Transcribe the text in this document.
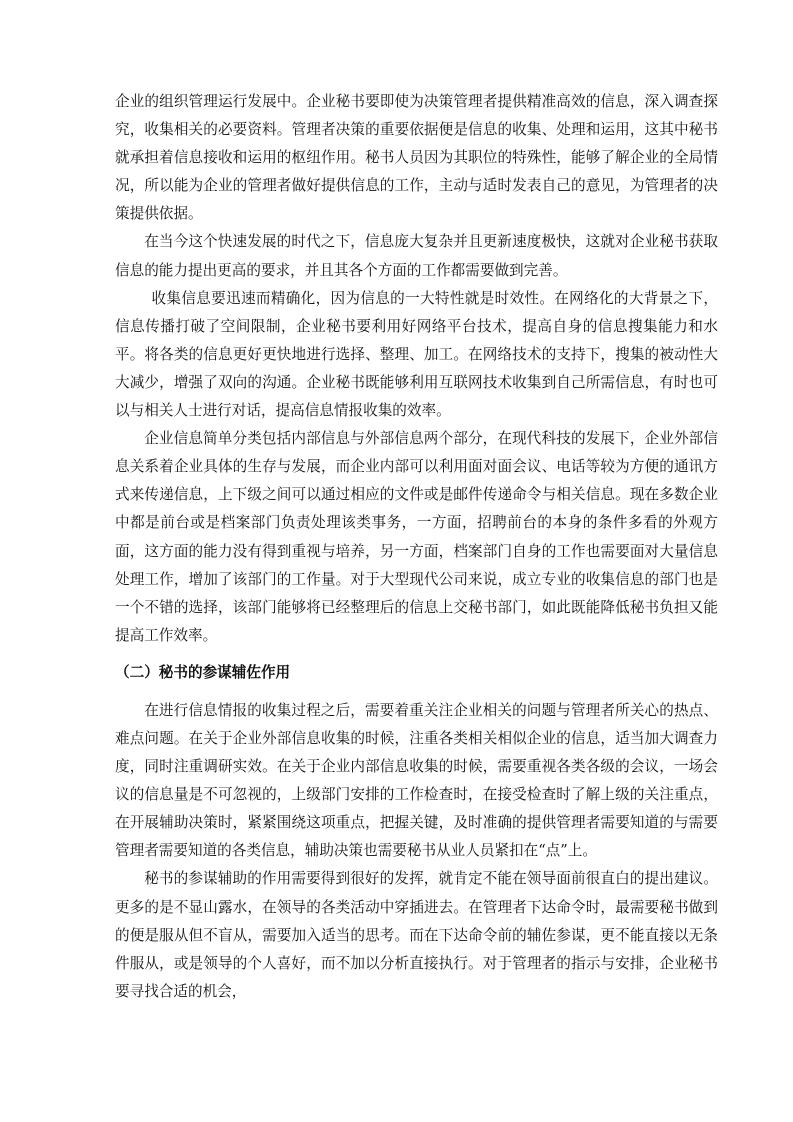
企业的组织管理运行发展中。企业秘书要即使为决策管理者提供精准高效的信息，深入调查探究，收集相关的必要资料。管理者决策的重要依据便是信息的收集、处理和运用，这其中秘书就承担着信息接收和运用的枢纽作用。秘书人员因为其职位的特殊性，能够了解企业的全局情况，所以能为企业的管理者做好提供信息的工作，主动与适时发表自己的意见，为管理者的决策提供依据。

在当今这个快速发展的时代之下，信息庞大复杂并且更新速度极快，这就对企业秘书获取信息的能力提出更高的要求，并且其各个方面的工作都需要做到完善。

收集信息要迅速而精确化，因为信息的一大特性就是时效性。在网络化的大背景之下，信息传播打破了空间限制，企业秘书要利用好网络平台技术，提高自身的信息搜集能力和水平。将各类的信息更好更快地进行选择、整理、加工。在网络技术的支持下，搜集的被动性大大减少，增强了双向的沟通。企业秘书既能够利用互联网技术收集到自己所需信息，有时也可以与相关人士进行对话，提高信息情报收集的效率。

企业信息简单分类包括内部信息与外部信息两个部分，在现代科技的发展下，企业外部信息关系着企业具体的生存与发展，而企业内部可以利用面对面会议、电话等较为方便的通讯方式来传递信息，上下级之间可以通过相应的文件或是邮件传递命令与相关信息。现在多数企业中都是前台或是档案部门负责处理该类事务，一方面，招聘前台的本身的条件多看的外观方面，这方面的能力没有得到重视与培养，另一方面，档案部门自身的工作也需要面对大量信息处理工作，增加了该部门的工作量。对于大型现代公司来说，成立专业的收集信息的部门也是一个不错的选择，该部门能够将已经整理后的信息上交秘书部门，如此既能降低秘书负担又能提高工作效率。

（二）秘书的参谋辅佐作用

在进行信息情报的收集过程之后，需要着重关注企业相关的问题与管理者所关心的热点、难点问题。在关于企业外部信息收集的时候，注重各类相关相似企业的信息，适当加大调查力度，同时注重调研实效。在关于企业内部信息收集的时候，需要重视各类各级的会议，一场会议的信息量是不可忽视的，上级部门安排的工作检查时，在接受检查时了解上级的关注重点，在开展辅助决策时，紧紧围绕这项重点，把握关键，及时准确的提供管理者需要知道的与需要管理者需要知道的各类信息，辅助决策也需要秘书从业人员紧扣在“点”上。

秘书的参谋辅助的作用需要得到很好的发挥，就肯定不能在领导面前很直白的提出建议。更多的是不显山露水，在领导的各类活动中穿插进去。在管理者下达命令时，最需要秘书做到的便是服从但不盲从，需要加入适当的思考。而在下达命令前的辅佐参谋，更不能直接以无条件服从，或是领导的个人喜好，而不加以分析直接执行。对于管理者的指示与安排，企业秘书要寻找合适的机会，
